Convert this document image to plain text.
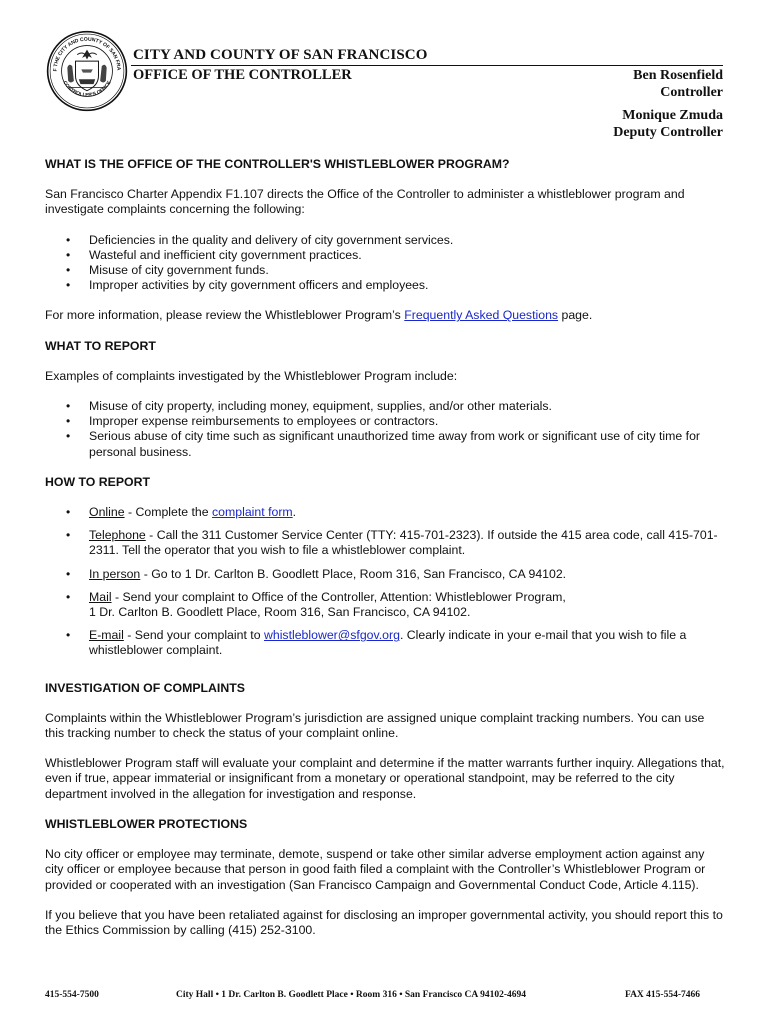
F THE CITY AND COUNTY OF SAN FRA
CONTROLLER'S OFFICE
CITY AND COUNTY OF SAN FRANCISCO
OFFICE OF THE CONTROLLER	Ben Rosenfield
Controller
Monique Zmuda
Deputy Controller

WHAT IS THE OFFICE OF THE CONTROLLER'S WHISTLEBLOWER PROGRAM?

San Francisco Charter Appendix F1.107 directs the Office of the Controller to administer a whistleblower program and investigate complaints concerning the following:

• Deficiencies in the quality and delivery of city government services.
• Wasteful and inefficient city government practices.
• Misuse of city government funds.
• Improper activities by city government officers and employees.

For more information, please review the Whistleblower Program’s Frequently Asked Questions page.

WHAT TO REPORT

Examples of complaints investigated by the Whistleblower Program include:

• Misuse of city property, including money, equipment, supplies, and/or other materials.
• Improper expense reimbursements to employees or contractors.
• Serious abuse of city time such as significant unauthorized time away from work or significant use of city time for personal business.

HOW TO REPORT

• Online - Complete the complaint form.
• Telephone - Call the 311 Customer Service Center (TTY: 415-701-2323). If outside the 415 area code, call 415-701-2311. Tell the operator that you wish to file a whistleblower complaint.
• In person - Go to 1 Dr. Carlton B. Goodlett Place, Room 316, San Francisco, CA 94102.
• Mail - Send your complaint to Office of the Controller, Attention: Whistleblower Program,
1 Dr. Carlton B. Goodlett Place, Room 316, San Francisco, CA 94102.
• E-mail - Send your complaint to whistleblower@sfgov.org. Clearly indicate in your e-mail that you wish to file a whistleblower complaint.

INVESTIGATION OF COMPLAINTS

Complaints within the Whistleblower Program’s jurisdiction are assigned unique complaint tracking numbers. You can use this tracking number to check the status of your complaint online.

Whistleblower Program staff will evaluate your complaint and determine if the matter warrants further inquiry. Allegations that, even if true, appear immaterial or insignificant from a monetary or operational standpoint, may be referred to the city department involved in the allegation for investigation and response.

WHISTLEBLOWER PROTECTIONS

No city officer or employee may terminate, demote, suspend or take other similar adverse employment action against any city officer or employee because that person in good faith filed a complaint with the Controller’s Whistleblower Program or provided or cooperated with an investigation (San Francisco Campaign and Governmental Conduct Code, Article 4.115).

If you believe that you have been retaliated against for disclosing an improper governmental activity, you should report this to the Ethics Commission by calling (415) 252-3100.

415-554-7500	City Hall • 1 Dr. Carlton B. Goodlett Place • Room 316 • San Francisco CA 94102-4694	FAX 415-554-7466
